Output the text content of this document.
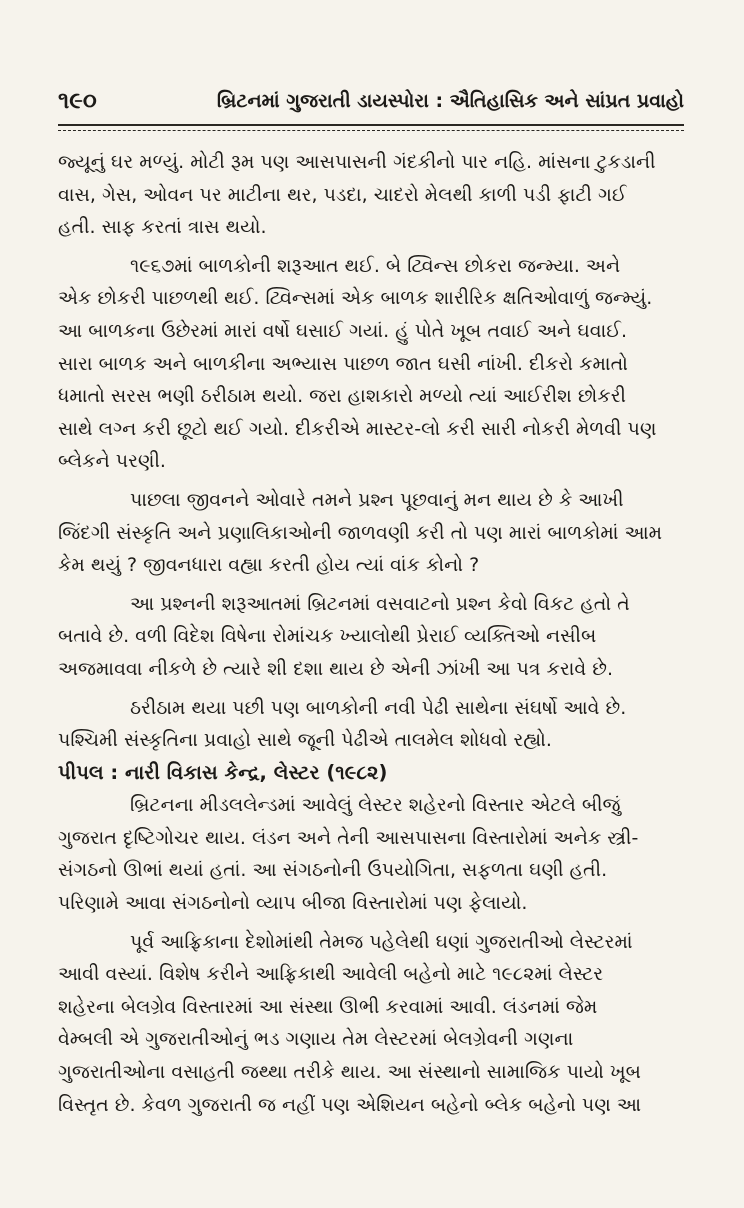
૧૯૦	બ્રિટનમાં ગુજરાતી ડાયસ્પોરા : ઐતિહાસિક અને સાંપ્રત પ્રવાહો
જ્યૂનું ઘર મળ્યું. મોટી રૂમ પણ આસપાસની ગંદકીનો પાર નહિ. માંસના ટુકડાની
વાસ, ગેસ, ઓવન પર માટીના થર, પડદા, ચાદરો મેલથી કાળી પડી ફાટી ગઈ
હતી. સાફ કરતાં ત્રાસ થયો.
૧૯૬૭માં બાળકોની શરૂઆત થઈ. બે ટ્વિન્સ છોકરા જન્મ્યા. અને
એક છોકરી પાછળથી થઈ. ટ્વિન્સમાં એક બાળક શારીરિક ક્ષતિઓવાળું જન્મ્યું.
આ બાળકના ઉછેરમાં મારાં વર્ષો ઘસાઈ ગયાં. હું પોતે ખૂબ તવાઈ અને ઘવાઈ.
સારા બાળક અને બાળકીના અભ્યાસ પાછળ જાત ઘસી નાંખી. દીકરો કમાતો
ધમાતો સરસ ભણી ઠરીઠામ થયો. જરા હાશકારો મળ્યો ત્યાં આઈરીશ છોકરી
સાથે લગ્ન કરી છૂટો થઈ ગયો. દીકરીએ માસ્ટર-લો કરી સારી નોકરી મેળવી પણ
બ્લેકને પરણી.
પાછલા જીવનને ઓવારે તમને પ્રશ્ન પૂછવાનું મન થાય છે કે આખી
જિંદગી સંસ્કૃતિ અને પ્રણાલિકાઓની જાળવણી કરી તો પણ મારાં બાળકોમાં આમ
કેમ થયું ? જીવનધારા વહ્યા કરતી હોય ત્યાં વાંક કોનો ?
આ પ્રશ્નની શરૂઆતમાં બ્રિટનમાં વસવાટનો પ્રશ્ન કેવો વિકટ હતો તે
બતાવે છે. વળી વિદેશ વિષેના રોમાંચક ખ્યાલોથી પ્રેરાઈ વ્યક્તિઓ નસીબ
અજમાવવા નીકળે છે ત્યારે શી દશા થાય છે એની ઝાંખી આ પત્ર કરાવે છે.
ઠરીઠામ થયા પછી પણ બાળકોની નવી પેઢી સાથેના સંઘર્ષો આવે છે.
પશ્ચિમી સંસ્કૃતિના પ્રવાહો સાથે જૂની પેઢીએ તાલમેલ શોધવો રહ્યો.
પીપલ : નારી વિકાસ કેન્દ્ર, લેસ્ટર (૧૯૮૨)
બ્રિટનના મીડલલેન્ડમાં આવેલું લેસ્ટર શહેરનો વિસ્તાર એટલે બીજું
ગુજરાત દૃષ્ટિગોચર થાય. લંડન અને તેની આસપાસના વિસ્તારોમાં અનેક સ્ત્રી-
સંગઠનો ઊભાં થયાં હતાં. આ સંગઠનોની ઉપયોગિતા, સફળતા ઘણી હતી.
પરિણામે આવા સંગઠનોનો વ્યાપ બીજા વિસ્તારોમાં પણ ફેલાયો.
પૂર્વ આફ્રિકાના દેશોમાંથી તેમજ પહેલેથી ઘણાં ગુજરાતીઓ લેસ્ટરમાં
આવી વસ્યાં. વિશેષ કરીને આફ્રિકાથી આવેલી બહેનો માટે ૧૯૮૨માં લેસ્ટર
શહેરના બેલગ્રેવ વિસ્તારમાં આ સંસ્થા ઊભી કરવામાં આવી. લંડનમાં જેમ
વેમ્બલી એ ગુજરાતીઓનું ભડ ગણાય તેમ લેસ્ટરમાં બેલગ્રેવની ગણના
ગુજરાતીઓના વસાહતી જથ્થા તરીકે થાય. આ સંસ્થાનો સામાજિક પાયો ખૂબ
વિસ્તૃત છે. કેવળ ગુજરાતી જ નહીં પણ એશિયન બહેનો બ્લેક બહેનો પણ આ
